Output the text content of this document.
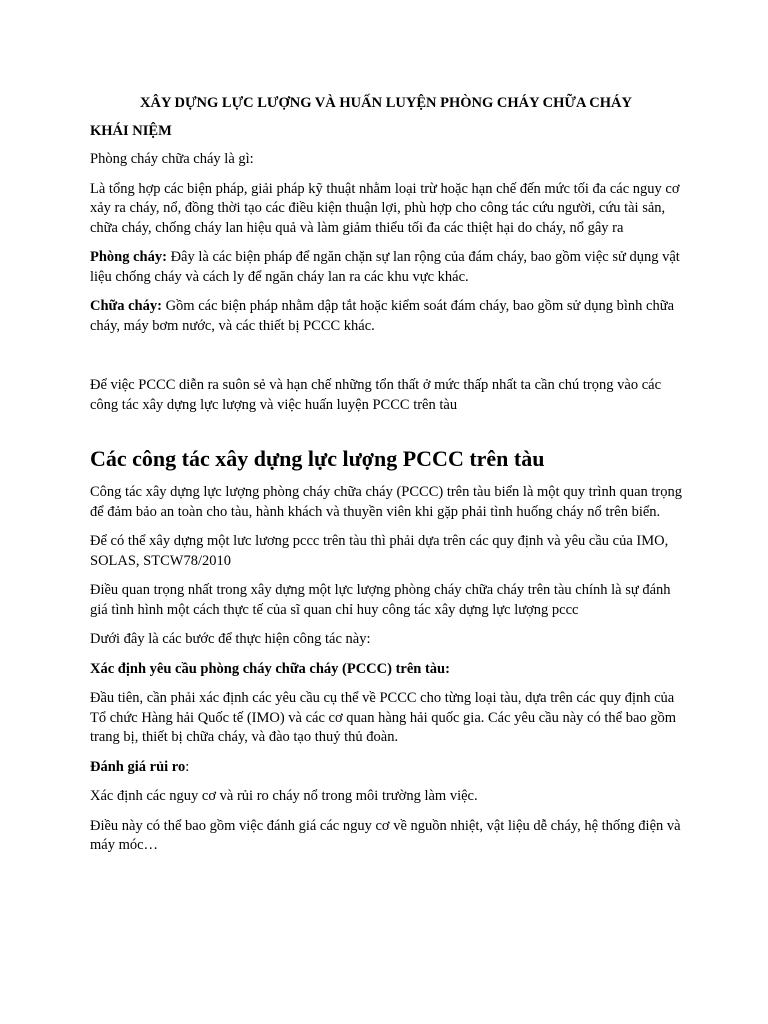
XÂY DỰNG LỰC LƯỢNG VÀ HUẤN LUYỆN PHÒNG CHÁY CHỮA CHÁY
KHÁI NIỆM

Phòng cháy chữa cháy là gì:

Là tổng hợp các biện pháp, giải pháp kỹ thuật nhằm loại trừ hoặc hạn chế đến mức tối đa các nguy cơ xảy ra cháy, nổ, đồng thời tạo các điều kiện thuận lợi, phù hợp cho công tác cứu người, cứu tài sản, chữa cháy, chống cháy lan hiệu quả và làm giảm thiểu tối đa các thiệt hại do cháy, nổ gây ra

Phòng cháy: Đây là các biện pháp để ngăn chặn sự lan rộng của đám cháy, bao gồm việc sử dụng vật liệu chống cháy và cách ly để ngăn cháy lan ra các khu vực khác.

Chữa cháy: Gồm các biện pháp nhằm dập tắt hoặc kiểm soát đám cháy, bao gồm sử dụng bình chữa cháy, máy bơm nước, và các thiết bị PCCC khác.

Để việc PCCC diễn ra suôn sẻ và hạn chế những tổn thất ở mức thấp nhất ta cần chú trọng vào các công tác xây dựng lực lượng và việc huấn luyện PCCC trên tàu

Các công tác xây dựng lực lượng PCCC trên tàu

Công tác xây dựng lực lượng phòng cháy chữa cháy (PCCC) trên tàu biển là một quy trình quan trọng để đảm bảo an toàn cho tàu, hành khách và thuyền viên khi gặp phải tình huống cháy nổ trên biển.

Để có thể xây dựng một lưc lương pccc trên tàu thì phải dựa trên các quy định và yêu cầu của IMO, SOLAS, STCW78/2010

Điều quan trọng nhất trong xây dựng một lực lượng phòng cháy chữa cháy trên tàu chính là sự đánh giá tình hình một cách thực tế của sĩ quan chỉ huy công tác xây dựng lực lượng pccc

Dưới đây là các bước để thực hiện công tác này:

Xác định yêu cầu phòng cháy chữa cháy (PCCC) trên tàu:

Đầu tiên, cần phải xác định các yêu cầu cụ thể về PCCC cho từng loại tàu, dựa trên các quy định của Tổ chức Hàng hải Quốc tế (IMO) và các cơ quan hàng hải quốc gia. Các yêu cầu này có thể bao gồm trang bị, thiết bị chữa cháy, và đào tạo thuỷ thủ đoàn.

Đánh giá rủi ro:

Xác định các nguy cơ và rủi ro cháy nổ trong môi trường làm việc.

Điều này có thể bao gồm việc đánh giá các nguy cơ về nguồn nhiệt, vật liệu dễ cháy, hệ thống điện và máy móc…
